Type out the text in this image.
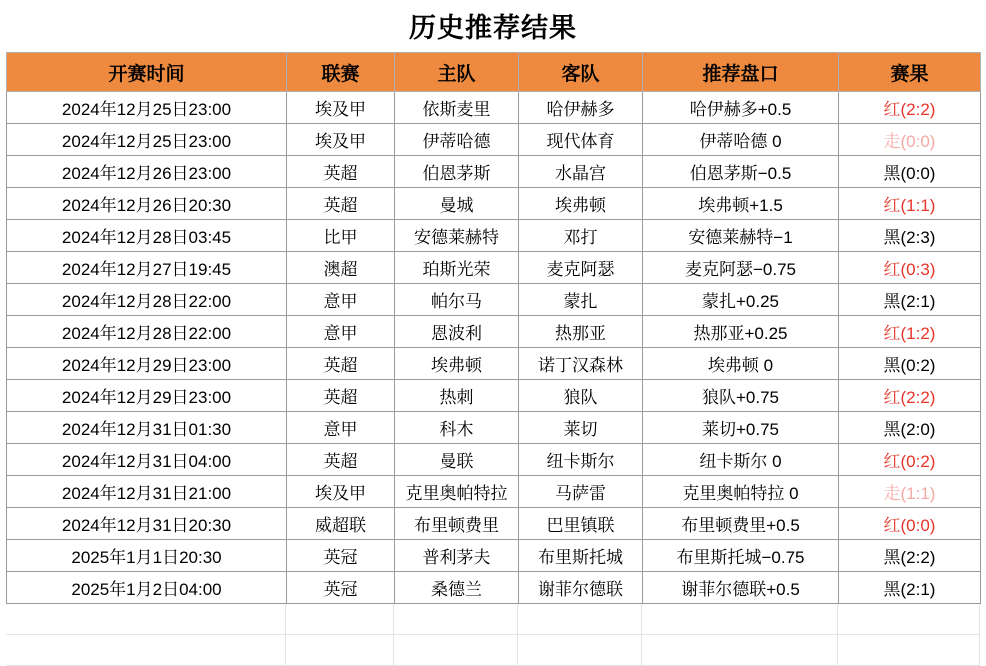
历史推荐结果
开赛时间	联赛	主队	客队	推荐盘口	赛果
2024年12月25日23:00	埃及甲	依斯麦里	哈伊赫多	哈伊赫多+0.5	红(2:2)
2024年12月25日23:00	埃及甲	伊蒂哈德	现代体育	伊蒂哈德 0	走(0:0)
2024年12月26日23:00	英超	伯恩茅斯	水晶宫	伯恩茅斯−0.5	黑(0:0)
2024年12月26日20:30	英超	曼城	埃弗顿	埃弗顿+1.5	红(1:1)
2024年12月28日03:45	比甲	安德莱赫特	邓打	安德莱赫特−1	黑(2:3)
2024年12月27日19:45	澳超	珀斯光荣	麦克阿瑟	麦克阿瑟−0.75	红(0:3)
2024年12月28日22:00	意甲	帕尔马	蒙扎	蒙扎+0.25	黑(2:1)
2024年12月28日22:00	意甲	恩波利	热那亚	热那亚+0.25	红(1:2)
2024年12月29日23:00	英超	埃弗顿	诺丁汉森林	埃弗顿 0	黑(0:2)
2024年12月29日23:00	英超	热刺	狼队	狼队+0.75	红(2:2)
2024年12月31日01:30	意甲	科木	莱切	莱切+0.75	黑(2:0)
2024年12月31日04:00	英超	曼联	纽卡斯尔	纽卡斯尔 0	红(0:2)
2024年12月31日21:00	埃及甲	克里奥帕特拉	马萨雷	克里奥帕特拉 0	走(1:1)
2024年12月31日20:30	威超联	布里顿费里	巴里镇联	布里顿费里+0.5	红(0:0)
2025年1月1日20:30	英冠	普利茅夫	布里斯托城	布里斯托城−0.75	黑(2:2)
2025年1月2日04:00	英冠	桑德兰	谢菲尔德联	谢菲尔德联+0.5	黑(2:1)
